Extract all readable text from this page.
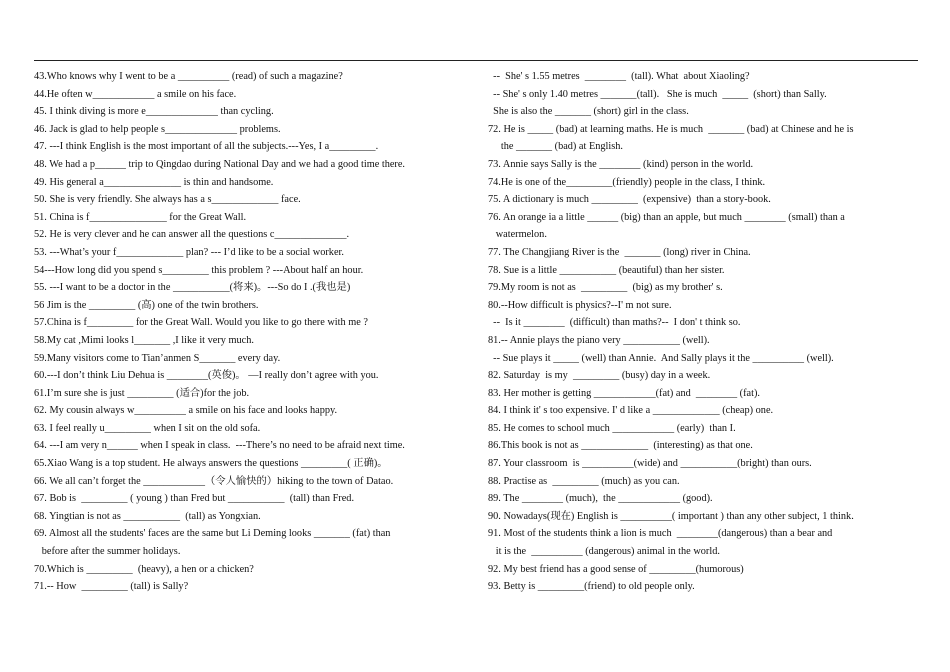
43.Who knows why I went to be a __________ (read) of such a magazine?
44.He often w____________ a smile on his face.
45. I think diving is more e______________ than cycling.
46. Jack is glad to help people s______________ problems.
47. ---I think English is the most important of all the subjects.---Yes, I a_________.
48. We had a p______ trip to Qingdao during National Day and we had a good time there.
49. His general a_______________ is thin and handsome.
50. She is very friendly. She always has a s_____________ face.
51. China is f_______________ for the Great Wall.
52. He is very clever and he can answer all the questions c______________.
53. ---What’s your f_____________ plan? --- I’d like to be a social worker.
54---How long did you spend s_________ this problem ? ---About half an hour.
55. ---I want to be a doctor in the ___________(将来)。---So do I .(我也是)
56 Jim is the _________ (高) one of the twin brothers.
57.China is f_________ for the Great Wall. Would you like to go there with me ?
58.My cat ,Mimi looks l_______ ,I like it very much.
59.Many visitors come to Tian’anmen S_______ every day.
60.---I don’t think Liu Dehua is ________(英俊)。 —I really don’t agree with you.
61.I’m sure she is just _________ (适合)for the job.
62. My cousin always w__________ a smile on his face and looks happy.
63. I feel really u_________ when I sit on the old sofa.
64. ---I am very n______ when I speak in class.  ---There’s no need to be afraid next time.
65.Xiao Wang is a top student. He always answers the questions _________( 正确)。
66. We all can’t forget the ____________（令人愉快的）hiking to the town of Datao.
67. Bob is  _________ ( young ) than Fred but ___________  (tall) than Fred.
68. Yingtian is not as ___________  (tall) as Yongxian.
69. Almost all the students' faces are the same but Li Deming looks _______ (fat) than
before after the summer holidays.
70.Which is _________  (heavy), a hen or a chicken?
71.-- How  _________ (tall) is Sally?
--  She' s 1.55 metres  ________  (tall). What  about Xiaoling?
-- She' s only 1.40 metres _______(tall).   She is much  _____  (short) than Sally.
She is also the _______ (short) girl in the class.
72. He is _____ (bad) at learning maths. He is much  _______ (bad) at Chinese and he is
the _______ (bad) at English.
73. Annie says Sally is the ________ (kind) person in the world.
74.He is one of the_________(friendly) people in the class, I think.
75. A dictionary is much _________  (expensive)  than a story-book.
76. An orange ia a little ______ (big) than an apple, but much ________ (small) than a
watermelon.
77. The Changjiang River is the  _______ (long) river in China.
78. Sue is a little ___________ (beautiful) than her sister.
79.My room is not as  _________  (big) as my brother' s.
80.--How difficult is physics?--I' m not sure.
--  Is it ________  (difficult) than maths?--  I don' t think so.
81.-- Annie plays the piano very ___________ (well).
-- Sue plays it _____ (well) than Annie.  And Sally plays it the __________ (well).
82. Saturday  is my  _________ (busy) day in a week.
83. Her mother is getting ____________(fat) and  ________ (fat).
84. I think it' s too expensive. I' d like a _____________ (cheap) one.
85. He comes to school much ____________ (early)  than I.
86.This book is not as _____________  (interesting) as that one.
87. Your classroom  is __________(wide) and ___________(bright) than ours.
88. Practise as  _________ (much) as you can.
89. The ________ (much),  the ____________ (good).
90. Nowadays(现在) English is __________( important ) than any other subject, 1 think.
91. Most of the students think a lion is much  ________(dangerous) than a bear and
it is the  __________ (dangerous) animal in the world.
92. My best friend has a good sense of _________(humorous)
93. Betty is _________(friend) to old people only.
